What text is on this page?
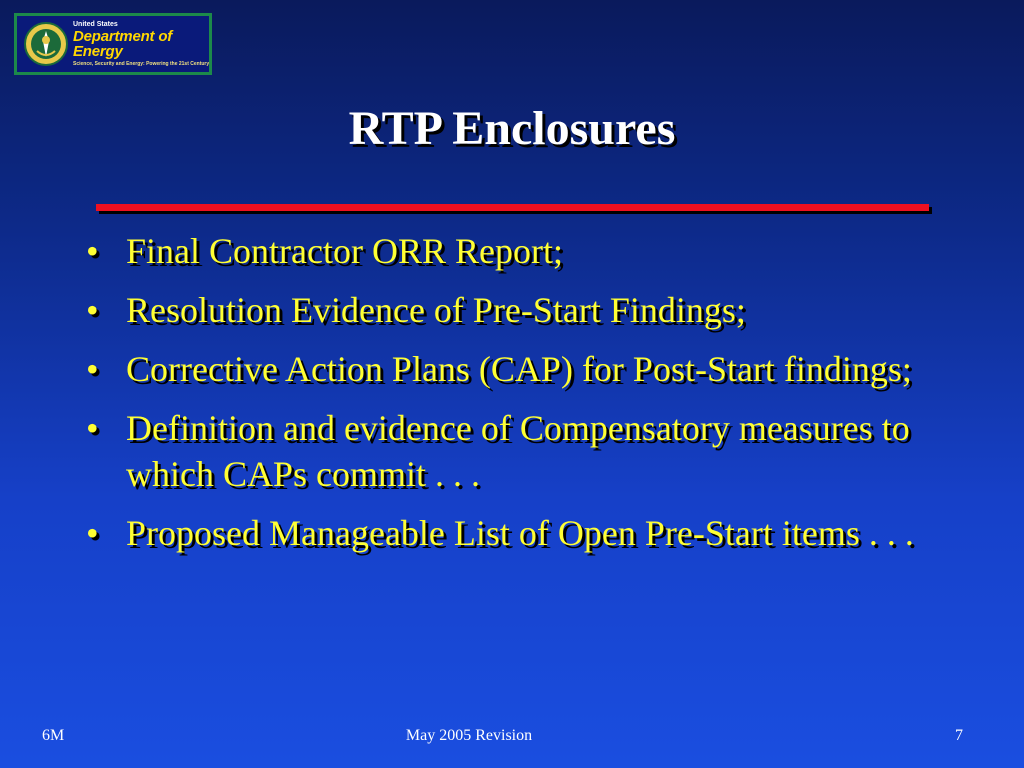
United States
Department of Energy
Science, Security and Energy: Powering the 21st Century
RTP Enclosures
• Final Contractor ORR Report;
• Resolution Evidence of Pre-Start Findings;
• Corrective Action Plans (CAP) for Post-Start findings;
• Definition and evidence of Compensatory measures to which CAPs commit . . .
• Proposed Manageable List of Open Pre-Start items . . .
6M	May 2005 Revision	7
